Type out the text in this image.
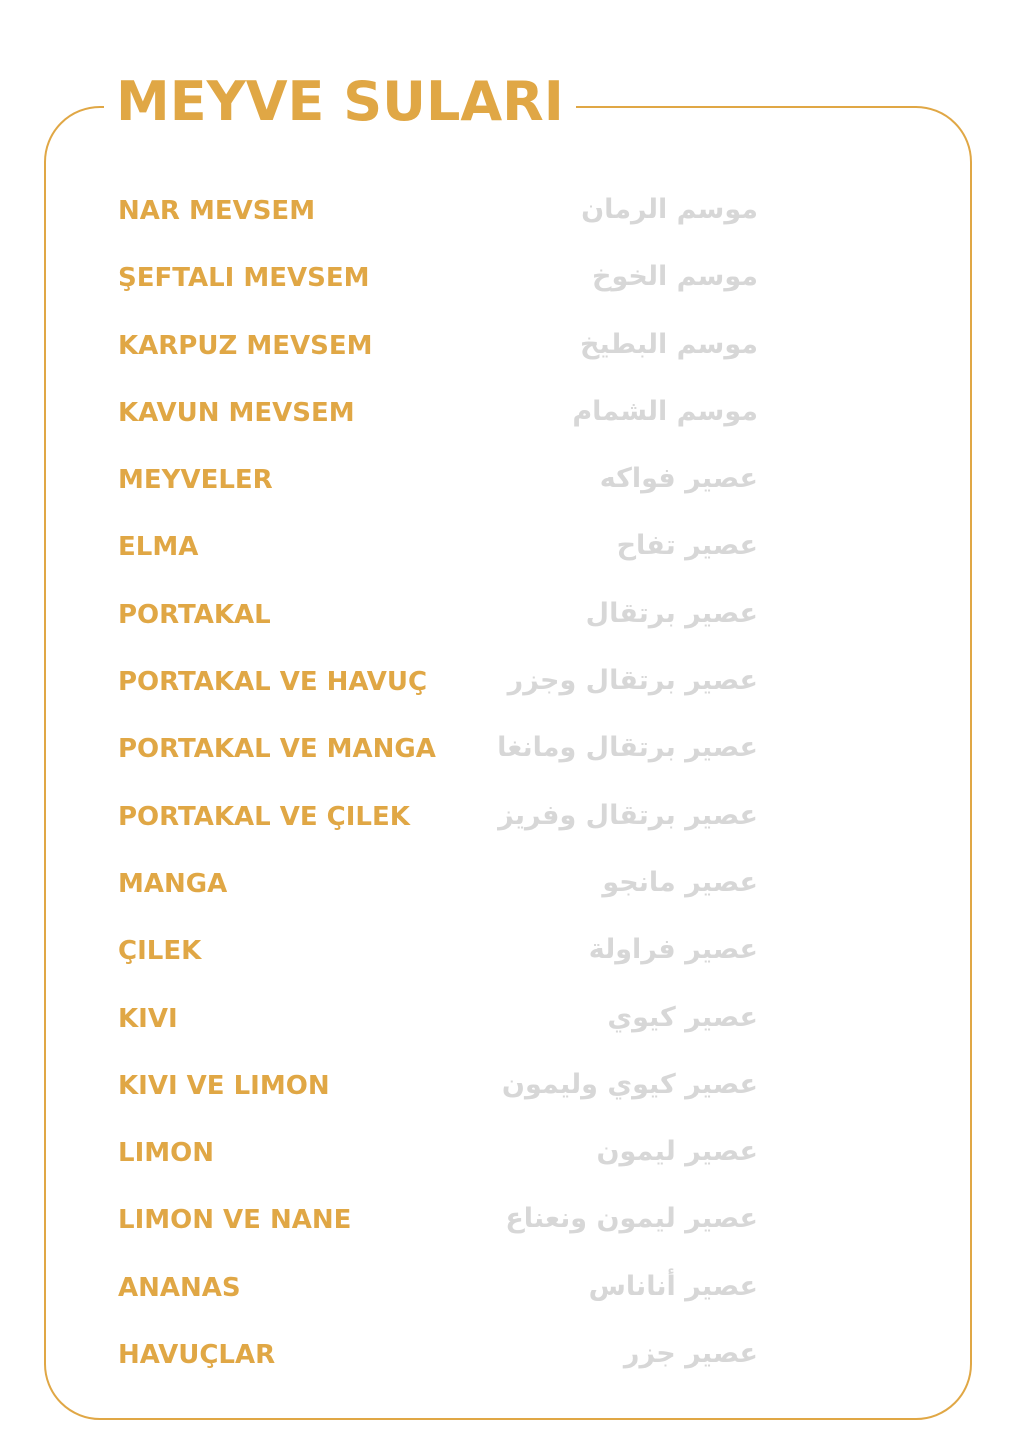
MEYVE SULARI
NAR MEVSEM	موسم الرمان
ŞEFTALI MEVSEM	موسم الخوخ
KARPUZ MEVSEM	موسم البطيخ
KAVUN MEVSEM	موسم الشمام
MEYVELER	عصير فواكه
ELMA	عصير تفاح
PORTAKAL	عصير برتقال
PORTAKAL VE HAVUÇ	عصير برتقال وجزر
PORTAKAL VE MANGA عصير برتقال ومانغا
PORTAKAL VE ÇILEK	عصير برتقال وفريز
MANGA	عصير مانجو
ÇILEK	عصير فراولة
KIVI	عصير كيوي
KIVI VE LIMON	عصير كيوي وليمون
LIMON	عصير ليمون
LIMON VE NANE	عصير ليمون ونعناع
ANANAS	عصير أناناس
HAVUÇLAR	عصير جزر
